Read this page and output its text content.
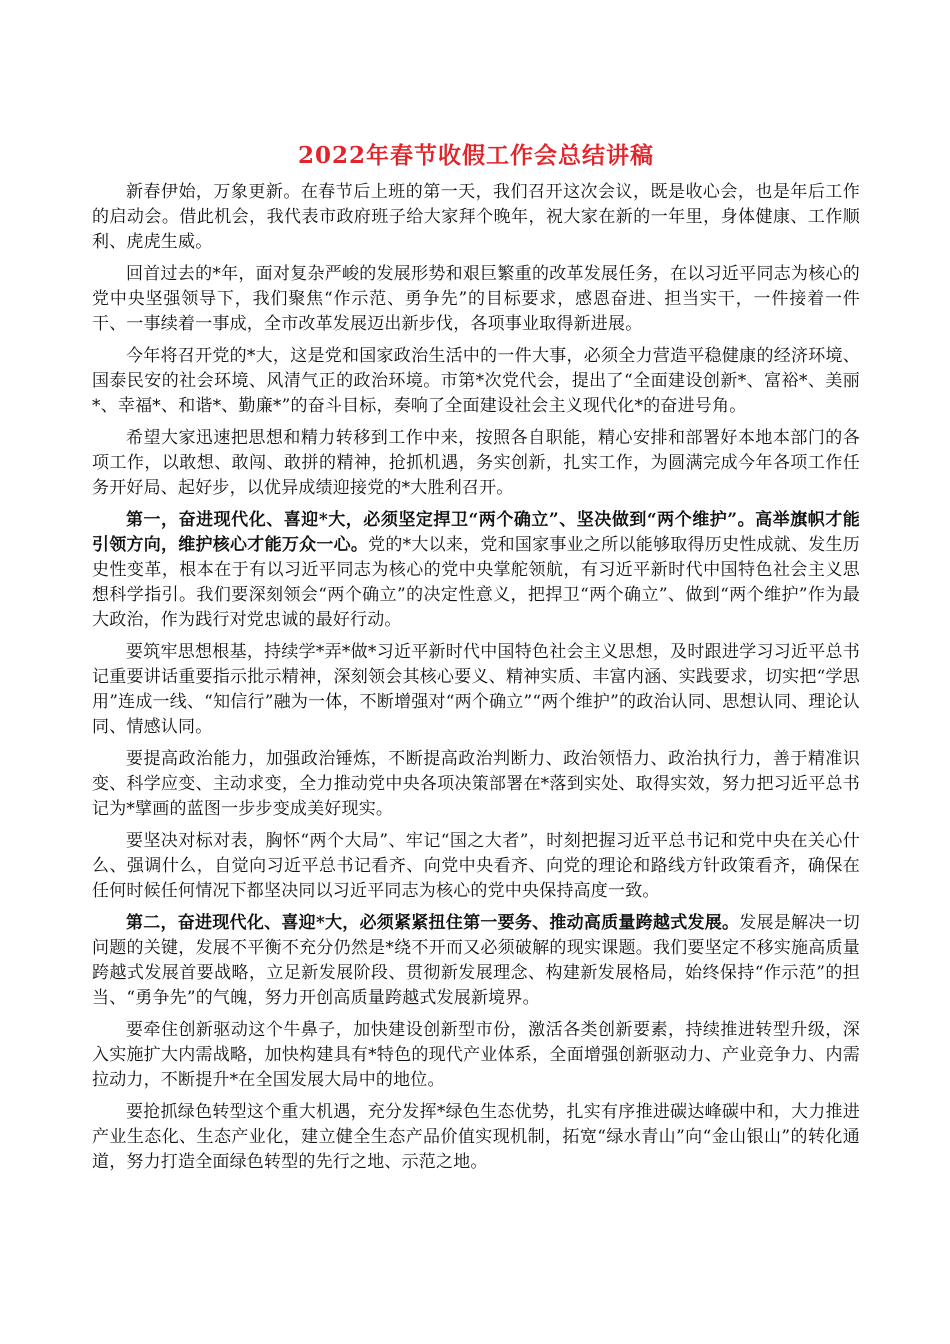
2022年春节收假工作会总结讲稿

新春伊始，万象更新。在春节后上班的第一天，我们召开这次会议，既是收心会，也是年后工作的启动会。借此机会，我代表市政府班子给大家拜个晚年，祝大家在新的一年里，身体健康、工作顺利、虎虎生威。

回首过去的*年，面对复杂严峻的发展形势和艰巨繁重的改革发展任务，在以习近平同志为核心的党中央坚强领导下，我们聚焦“作示范、勇争先”的目标要求，感恩奋进、担当实干，一件接着一件干、一事续着一事成，全市改革发展迈出新步伐，各项事业取得新进展。

今年将召开党的*大，这是党和国家政治生活中的一件大事，必须全力营造平稳健康的经济环境、国泰民安的社会环境、风清气正的政治环境。市第*次党代会，提出了“全面建设创新*、富裕*、美丽*、幸福*、和谐*、勤廉*”的奋斗目标，奏响了全面建设社会主义现代化*的奋进号角。

希望大家迅速把思想和精力转移到工作中来，按照各自职能，精心安排和部署好本地本部门的各项工作，以敢想、敢闯、敢拼的精神，抢抓机遇，务实创新，扎实工作，为圆满完成今年各项工作任务开好局、起好步，以优异成绩迎接党的*大胜利召开。

第一，奋进现代化、喜迎*大，必须坚定捍卫“两个确立”、坚决做到“两个维护”。高举旗帜才能引领方向，维护核心才能万众一心。党的*大以来，党和国家事业之所以能够取得历史性成就、发生历史性变革，根本在于有以习近平同志为核心的党中央掌舵领航，有习近平新时代中国特色社会主义思想科学指引。我们要深刻领会“两个确立”的决定性意义，把捍卫“两个确立”、做到“两个维护”作为最大政治，作为践行对党忠诚的最好行动。

要筑牢思想根基，持续学*弄*做*习近平新时代中国特色社会主义思想，及时跟进学习习近平总书记重要讲话重要指示批示精神，深刻领会其核心要义、精神实质、丰富内涵、实践要求，切实把“学思用”连成一线、“知信行”融为一体，不断增强对“两个确立”“两个维护”的政治认同、思想认同、理论认同、情感认同。

要提高政治能力，加强政治锤炼，不断提高政治判断力、政治领悟力、政治执行力，善于精准识变、科学应变、主动求变，全力推动党中央各项决策部署在*落到实处、取得实效，努力把习近平总书记为*擘画的蓝图一步步变成美好现实。

要坚决对标对表，胸怀“两个大局”、牢记“国之大者”，时刻把握习近平总书记和党中央在关心什么、强调什么，自觉向习近平总书记看齐、向党中央看齐、向党的理论和路线方针政策看齐，确保在任何时候任何情况下都坚决同以习近平同志为核心的党中央保持高度一致。

第二，奋进现代化、喜迎*大，必须紧紧扭住第一要务、推动高质量跨越式发展。发展是解决一切问题的关键，发展不平衡不充分仍然是*绕不开而又必须破解的现实课题。我们要坚定不移实施高质量跨越式发展首要战略，立足新发展阶段、贯彻新发展理念、构建新发展格局，始终保持“作示范”的担当、“勇争先”的气魄，努力开创高质量跨越式发展新境界。

要牵住创新驱动这个牛鼻子，加快建设创新型市份，激活各类创新要素，持续推进转型升级，深入实施扩大内需战略，加快构建具有*特色的现代产业体系，全面增强创新驱动力、产业竞争力、内需拉动力，不断提升*在全国发展大局中的地位。

要抢抓绿色转型这个重大机遇，充分发挥*绿色生态优势，扎实有序推进碳达峰碳中和，大力推进产业生态化、生态产业化，建立健全生态产品价值实现机制，拓宽“绿水青山”向“金山银山”的转化通道，努力打造全面绿色转型的先行之地、示范之地。
